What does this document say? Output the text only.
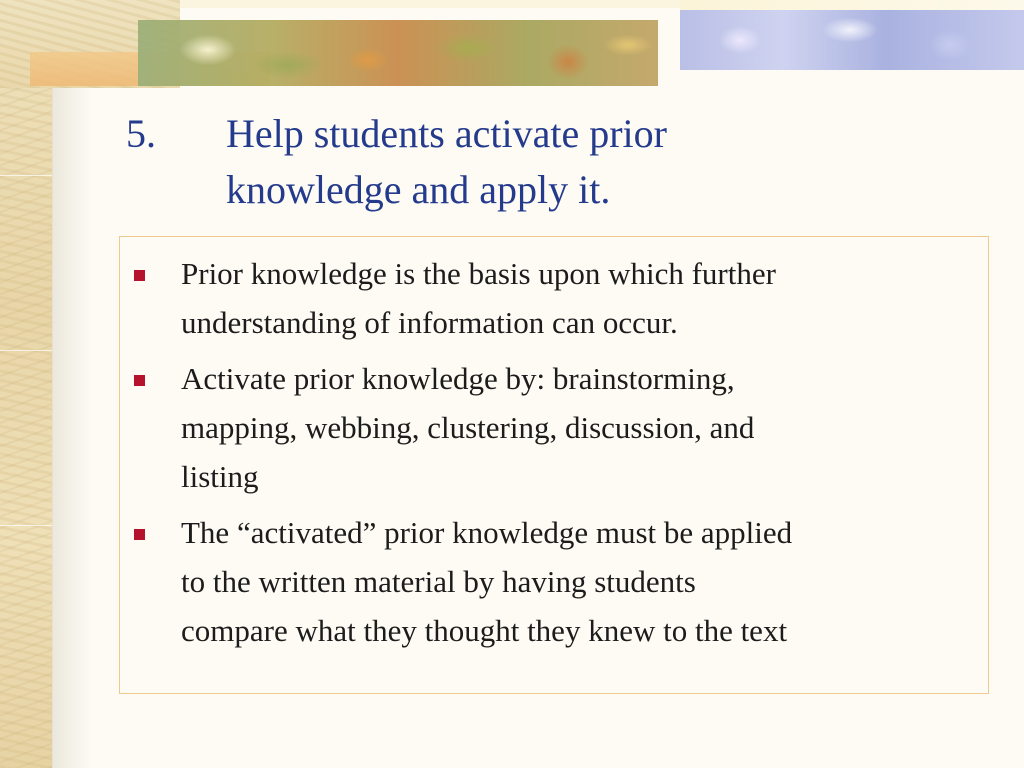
5. Help students activate prior
knowledge and apply it.
Prior knowledge is the basis upon which further
understanding of information can occur.
Activate prior knowledge by: brainstorming,
mapping, webbing, clustering, discussion, and
listing
The “activated” prior knowledge must be applied
to the written material by having students
compare what they thought they knew to the text
